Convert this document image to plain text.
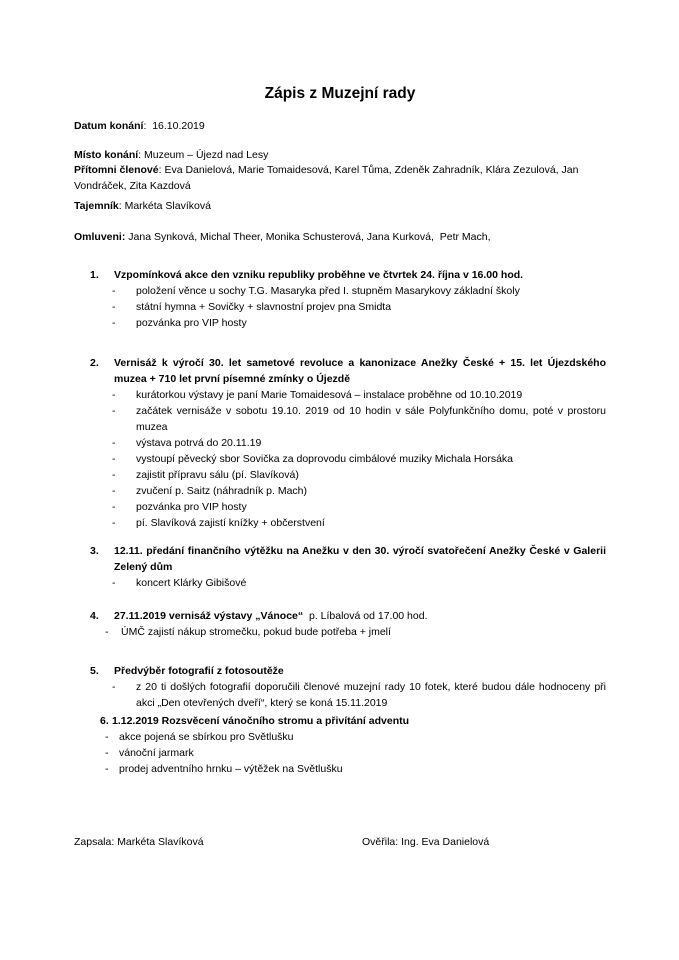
Zápis z Muzejní rady

Datum konání:  16.10.2019

Místo konání: Muzeum – Újezd nad Lesy

Přítomni členové: Eva Danielová, Marie Tomaidesová, Karel Tůma, Zdeněk Zahradník, Klára Zezulová, Jan Vondráček, Zita Kazdová

Tajemník: Markéta Slavíková

Omluveni: Jana Synková, Michal Theer, Monika Schusterová, Jana Kurková,  Petr Mach,

1.	Vzpomínková akce den vzniku republiky proběhne ve čtvrtek 24. října v 16.00 hod.
-	položení věnce u sochy T.G. Masaryka před I. stupněm Masarykovy základní školy
-	státní hymna + Sovičky + slavnostní projev pna Smidta
-	pozvánka pro VIP hosty
2.	Vernisáž k výročí 30. let sametové revoluce a kanonizace Anežky České + 15. let Újezdského muzea + 710 let první písemné zmínky o Újezdě
-	kurátorkou výstavy je paní Marie Tomaidesová – instalace proběhne od 10.10.2019
-	začátek vernisáže v sobotu 19.10. 2019 od 10 hodin v sále Polyfunkčního domu, poté v prostoru muzea
-	výstava potrvá do 20.11.19
-	vystoupí pěvecký sbor Sovička za doprovodu cimbálové muziky Michala Horsáka
-	zajistit přípravu sálu (pí. Slavíková)
-	zvučení p. Saitz (náhradník p. Mach)
-	pozvánka pro VIP hosty
-	pí. Slavíková zajistí knížky + občerstvení
3.	12.11. předání finančního výtěžku na Anežku v den 30. výročí svatořečení Anežky České v Galerii Zelený dům
-	koncert Klárky Gibišové
4.	27.11.2019 vernisáž výstavy „Vánoce“  p. Líbalová od 17.00 hod.
-	ÚMČ zajistí nákup stromečku, pokud bude potřeba + jmelí
5.	Předvýběr fotografií z fotosoutěže
-	z 20 ti došlých fotografií doporučili členové muzejní rady 10 fotek, které budou dále hodnoceny při akci „Den otevřených dveří“, který se koná 15.11.2019
6. 1.12.2019 Rozsvěcení vánočního stromu a přivítání adventu
-	akce pojená se sbírkou pro Světlušku
-	vánoční jarmark
-	prodej adventního hrnku – výtěžek na Světlušku
Zapsala: Markéta Slavíková	Ověřila: Ing. Eva Danielová
